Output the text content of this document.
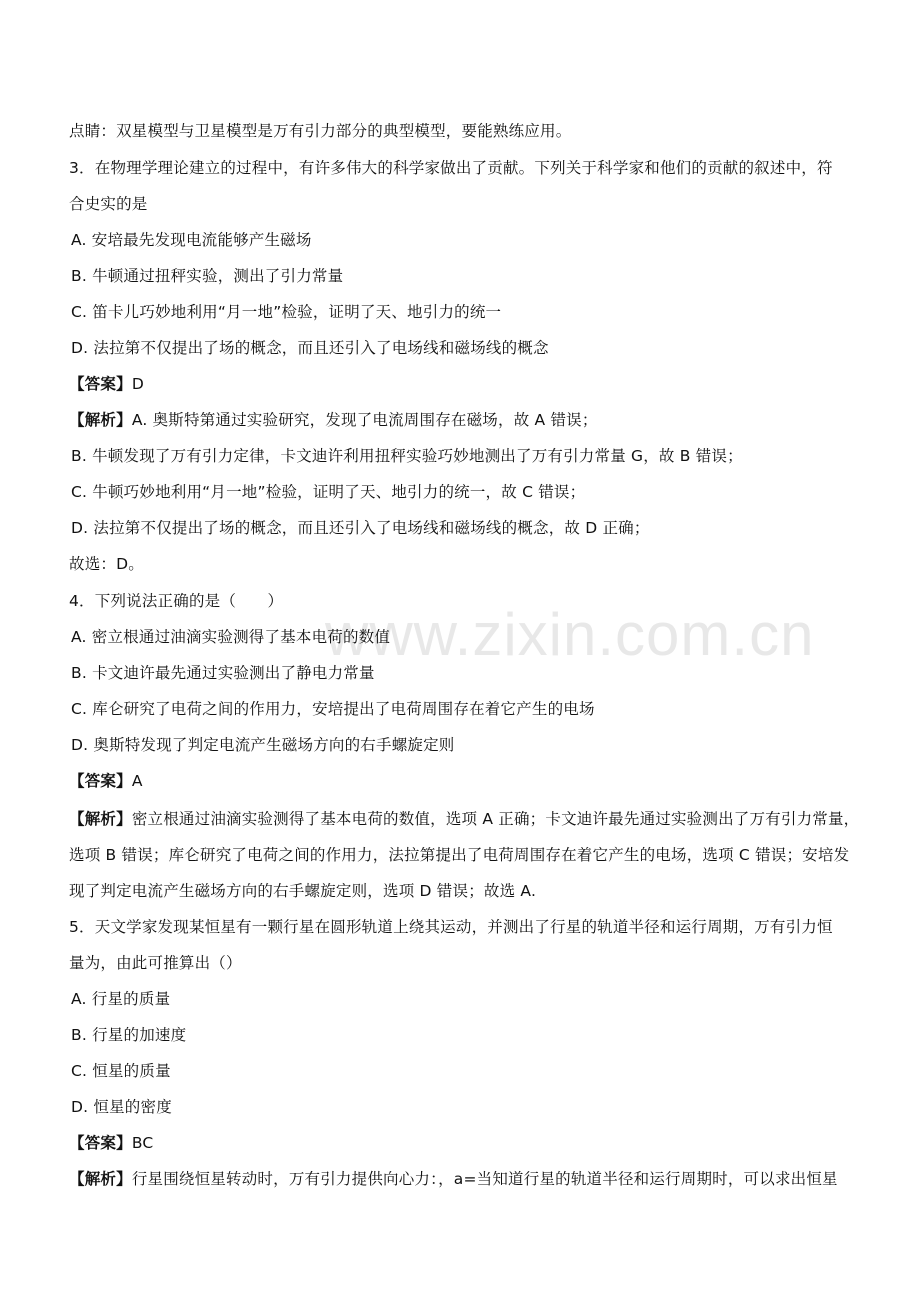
www.zixin.com.cn
点睛：双星模型与卫星模型是万有引力部分的典型模型，要能熟练应用。
3．在物理学理论建立的过程中，有许多伟大的科学家做出了贡献。下列关于科学家和他们的贡献的叙述中，符
合史实的是
A. 安培最先发现电流能够产生磁场
B. 牛顿通过扭秤实验，测出了引力常量
C. 笛卡儿巧妙地利用“月一地”检验，证明了天、地引力的统一
D. 法拉第不仅提出了场的概念，而且还引入了电场线和磁场线的概念
【答案】D
【解析】A. 奥斯特第通过实验研究，发现了电流周围存在磁场，故 A 错误；
B. 牛顿发现了万有引力定律，卡文迪许利用扭秤实验巧妙地测出了万有引力常量 G，故 B 错误；
C. 牛顿巧妙地利用“月一地”检验，证明了天、地引力的统一，故 C 错误；
D. 法拉第不仅提出了场的概念，而且还引入了电场线和磁场线的概念，故 D 正确；
故选：D。
4．下列说法正确的是（　　）
A. 密立根通过油滴实验测得了基本电荷的数值
B. 卡文迪许最先通过实验测出了静电力常量
C. 库仑研究了电荷之间的作用力，安培提出了电荷周围存在着它产生的电场
D. 奥斯特发现了判定电流产生磁场方向的右手螺旋定则
【答案】A
【解析】密立根通过油滴实验测得了基本电荷的数值，选项 A 正确；卡文迪许最先通过实验测出了万有引力常量，
选项 B 错误；库仑研究了电荷之间的作用力，法拉第提出了电荷周围存在着它产生的电场，选项 C 错误；安培发
现了判定电流产生磁场方向的右手螺旋定则，选项 D 错误；故选 A.
5．天文学家发现某恒星有一颗行星在圆形轨道上绕其运动，并测出了行星的轨道半径和运行周期，万有引力恒
量为，由此可推算出（）
A. 行星的质量
B. 行星的加速度
C. 恒星的质量
D. 恒星的密度
【答案】BC
【解析】行星围绕恒星转动时，万有引力提供向心力：，a=当知道行星的轨道半径和运行周期时，可以求出恒星
